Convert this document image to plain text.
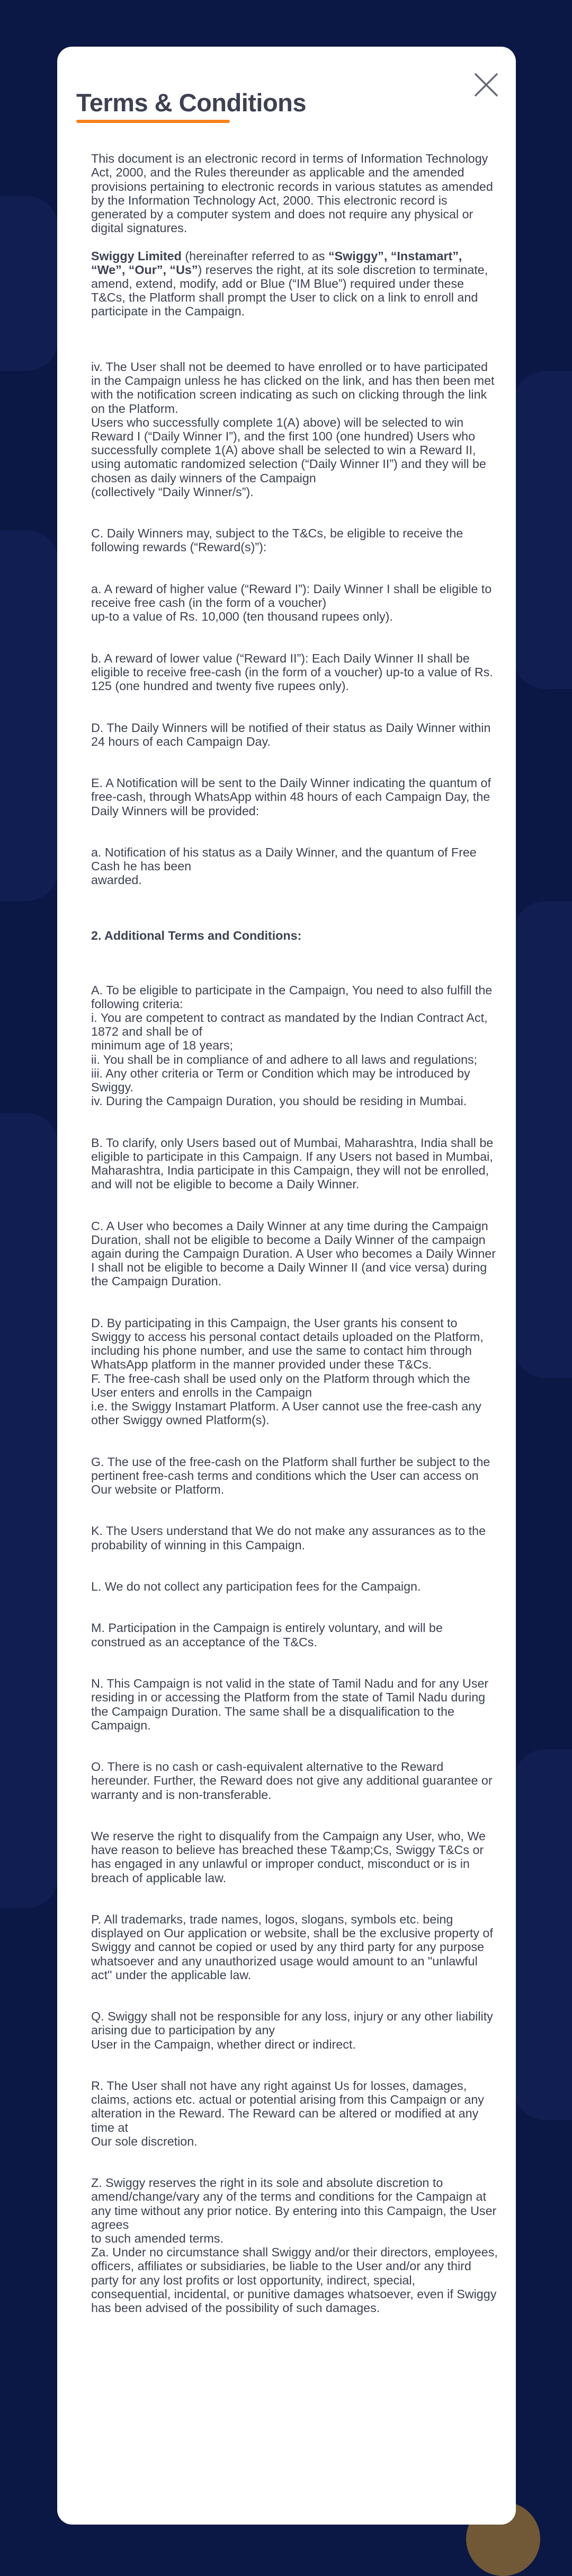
Terms & Conditions

This document is an electronic record in terms of Information Technology Act, 2000, and the Rules thereunder as applicable and the amended provisions pertaining to electronic records in various statutes as amended by the Information Technology Act, 2000. This electronic record is generated by a computer system and does not require any physical or digital signatures.

Swiggy Limited (hereinafter referred to as “Swiggy”, “Instamart”, “We”, “Our”, “Us”) reserves the right, at its sole discretion to terminate, amend, extend, modify, add or Blue (“IM Blue”) required under these T&Cs, the Platform shall prompt the User to click on a link to enroll and participate in the Campaign.

iv. The User shall not be deemed to have enrolled or to have participated in the Campaign unless he has clicked on the link, and has then been met with the notification screen indicating as such on clicking through the link on the Platform.
Users who successfully complete 1(A) above) will be selected to win Reward I (“Daily Winner I”), and the first 100 (one hundred) Users who successfully complete 1(A) above shall be selected to win a Reward II, using automatic randomized selection (“Daily Winner II”) and they will be chosen as daily winners of the Campaign
(collectively “Daily Winner/s”).

C. Daily Winners may, subject to the T&Cs, be eligible to receive the following rewards (“Reward(s)”):

a. A reward of higher value (“Reward I”): Daily Winner I shall be eligible to receive free cash (in the form of a voucher)
up-to a value of Rs. 10,000 (ten thousand rupees only).

b. A reward of lower value (“Reward II”): Each Daily Winner II shall be eligible to receive free-cash (in the form of a voucher) up-to a value of Rs. 125 (one hundred and twenty five rupees only).

D. The Daily Winners will be notified of their status as Daily Winner within 24 hours of each Campaign Day.

E. A Notification will be sent to the Daily Winner indicating the quantum of free-cash, through WhatsApp within 48 hours of each Campaign Day, the Daily Winners will be provided:

a. Notification of his status as a Daily Winner, and the quantum of Free Cash he has been
awarded.

2. Additional Terms and Conditions:

A. To be eligible to participate in the Campaign, You need to also fulfill the following criteria:
i. You are competent to contract as mandated by the Indian Contract Act, 1872 and shall be of
minimum age of 18 years;
ii. You shall be in compliance of and adhere to all laws and regulations;
iii. Any other criteria or Term or Condition which may be introduced by Swiggy.
iv. During the Campaign Duration, you should be residing in Mumbai.

B. To clarify, only Users based out of Mumbai, Maharashtra, India shall be eligible to participate in this Campaign. If any Users not based in Mumbai, Maharashtra, India participate in this Campaign, they will not be enrolled, and will not be eligible to become a Daily Winner.

C. A User who becomes a Daily Winner at any time during the Campaign Duration, shall not be eligible to become a Daily Winner of the campaign again during the Campaign Duration. A User who becomes a Daily Winner I shall not be eligible to become a Daily Winner II (and vice versa) during the Campaign Duration.

D. By participating in this Campaign, the User grants his consent to Swiggy to access his personal contact details uploaded on the Platform, including his phone number, and use the same to contact him through WhatsApp platform in the manner provided under these T&Cs.
F. The free-cash shall be used only on the Platform through which the User enters and enrolls in the Campaign
i.e. the Swiggy Instamart Platform. A User cannot use the free-cash any other Swiggy owned Platform(s).

G. The use of the free-cash on the Platform shall further be subject to the pertinent free-cash terms and conditions which the User can access on Our website or Platform.

K. The Users understand that We do not make any assurances as to the probability of winning in this Campaign.

L. We do not collect any participation fees for the Campaign.

M. Participation in the Campaign is entirely voluntary, and will be construed as an acceptance of the T&Cs.

N. This Campaign is not valid in the state of Tamil Nadu and for any User residing in or accessing the Platform from the state of Tamil Nadu during the Campaign Duration. The same shall be a disqualification to the Campaign.

O. There is no cash or cash-equivalent alternative to the Reward hereunder. Further, the Reward does not give any additional guarantee or warranty and is non-transferable.

We reserve the right to disqualify from the Campaign any User, who, We have reason to believe has breached these T&amp;Cs, Swiggy T&Cs or has engaged in any unlawful or improper conduct, misconduct or is in breach of applicable law.

P. All trademarks, trade names, logos, slogans, symbols etc. being displayed on Our application or website, shall be the exclusive property of Swiggy and cannot be copied or used by any third party for any purpose whatsoever and any unauthorized usage would amount to an "unlawful act" under the applicable law.

Q. Swiggy shall not be responsible for any loss, injury or any other liability arising due to participation by any
User in the Campaign, whether direct or indirect.

R. The User shall not have any right against Us for losses, damages, claims, actions etc. actual or potential arising from this Campaign or any alteration in the Reward. The Reward can be altered or modified at any time at
Our sole discretion.

Z. Swiggy reserves the right in its sole and absolute discretion to amend/change/vary any of the terms and conditions for the Campaign at any time without any prior notice. By entering into this Campaign, the User agrees
to such amended terms.
Za. Under no circumstance shall Swiggy and/or their directors, employees, officers, affiliates or subsidiaries, be liable to the User and/or any third party for any lost profits or lost opportunity, indirect, special, consequential, incidental, or punitive damages whatsoever, even if Swiggy has been advised of the possibility of such damages.
